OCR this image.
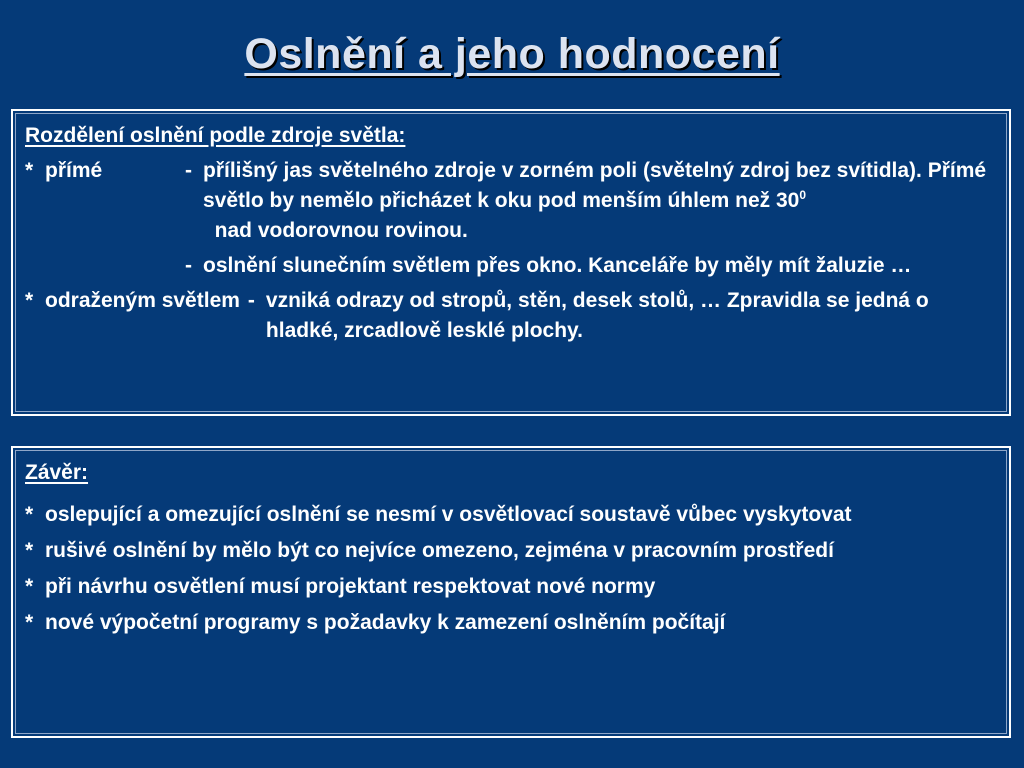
Oslnění a jeho hodnocení
Rozdělení oslnění podle zdroje světla:
* přímé	- přílišný jas světelného zdroje v zorném poli (světelný zdroj bez svítidla). Přímé světlo by nemělo přicházet k oku pod menším úhlem než $30^0$  nad vodorovnou rovinou.
- oslnění slunečním světlem přes okno. Kanceláře by měly mít žaluzie …
* odraženým světlem - vzniká odrazy od stropů, stěn, desek stolů, … Zpravidla se jedná o hladké, zrcadlově lesklé plochy.
Závěr:
* oslepující a omezující oslnění se nesmí v osvětlovací soustavě vůbec vyskytovat
* rušivé oslnění by mělo být co nejvíce omezeno, zejména v pracovním prostředí
* při návrhu osvětlení musí projektant respektovat nové normy
* nové výpočetní programy s požadavky k zamezení oslněním počítají
